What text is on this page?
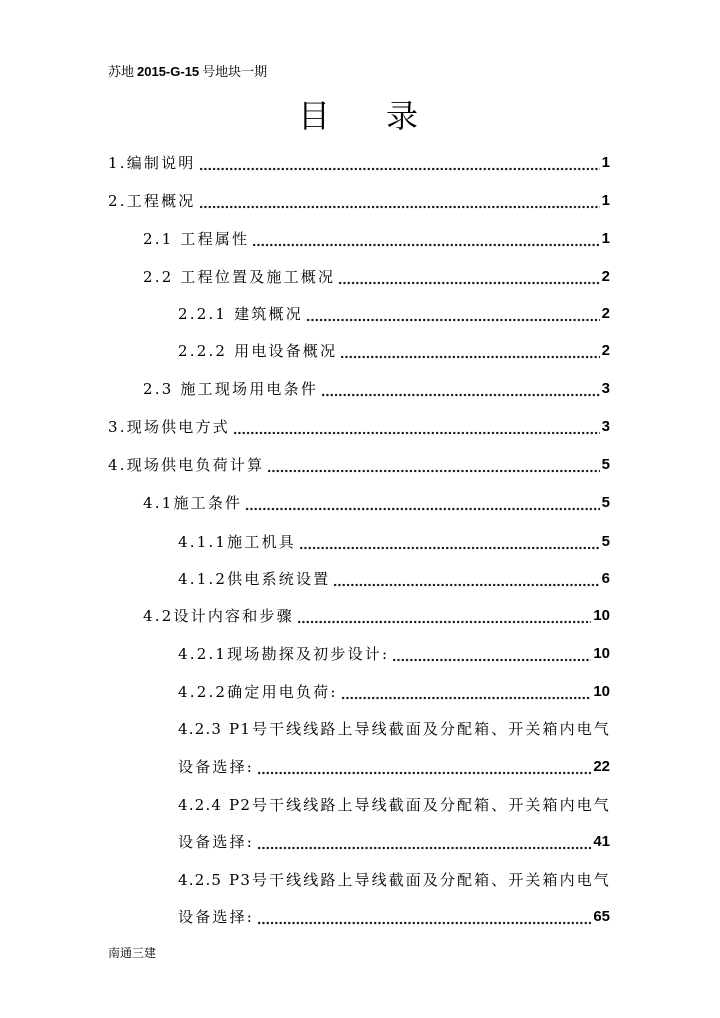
苏地 2015-G-15 号地块一期
目 录
1.编制说明	1
2.工程概况	1
2.1 工程属性	1
2.2 工程位置及施工概况	2
2.2.1 建筑概况	2
2.2.2 用电设备概况	2
2.3 施工现场用电条件	3
3.现场供电方式	3
4.现场供电负荷计算	5
4.1施工条件	5
4.1.1施工机具	5
4.1.2供电系统设置	6
4.2设计内容和步骤	10
4.2.1现场勘探及初步设计:	10
4.2.2确定用电负荷:	10
4.2.3 P1号干线线路上导线截面及分配箱、开关箱内电气
设备选择:	22
4.2.4 P2号干线线路上导线截面及分配箱、开关箱内电气
设备选择:	41
4.2.5 P3号干线线路上导线截面及分配箱、开关箱内电气
设备选择:	65
南通三建
